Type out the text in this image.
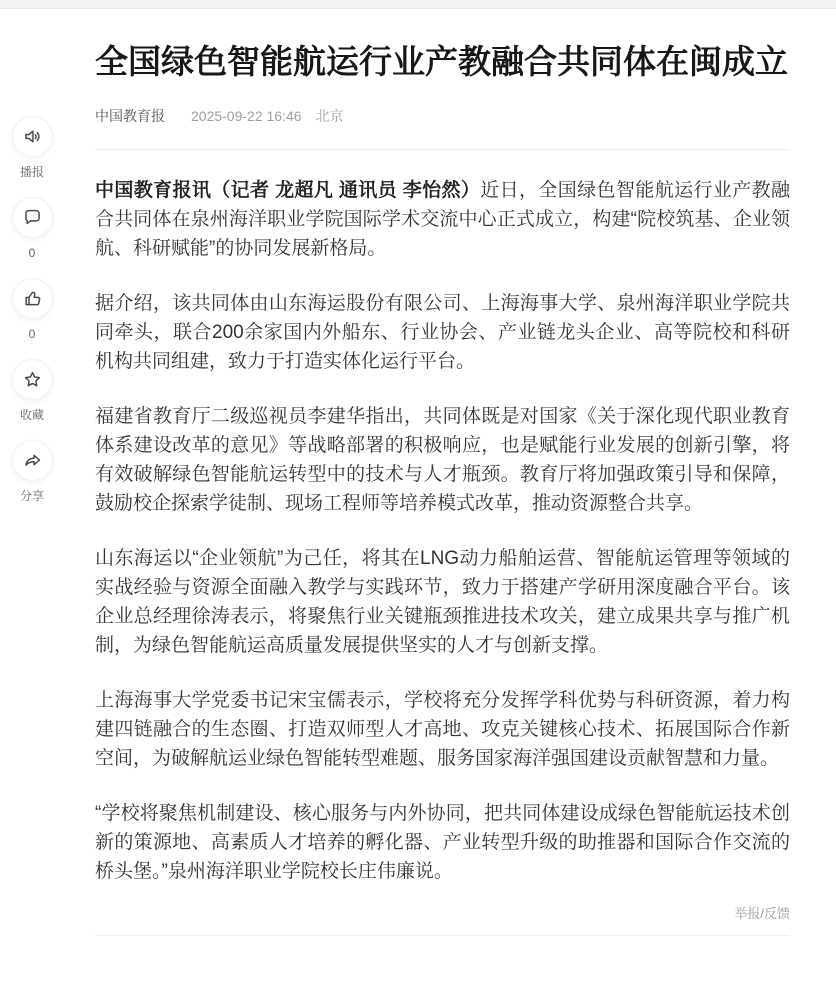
播报
0
0
收藏
分享
全国绿色智能航运行业产教融合共同体在闽成立
中国教育报 2025-09-22 16:46 北京

中国教育报讯（记者 龙超凡 通讯员 李怡然）近日，全国绿色智能航运行业产教融合共同体在泉州海洋职业学院国际学术交流中心正式成立，构建“院校筑基、企业领航、科研赋能”的协同发展新格局。

据介绍，该共同体由山东海运股份有限公司、上海海事大学、泉州海洋职业学院共同牵头，联合200余家国内外船东、行业协会、产业链龙头企业、高等院校和科研机构共同组建，致力于打造实体化运行平台。

福建省教育厅二级巡视员李建华指出，共同体既是对国家《关于深化现代职业教育体系建设改革的意见》等战略部署的积极响应，也是赋能行业发展的创新引擎，将有效破解绿色智能航运转型中的技术与人才瓶颈。教育厅将加强政策引导和保障，鼓励校企探索学徒制、现场工程师等培养模式改革，推动资源整合共享。

山东海运以“企业领航”为己任，将其在LNG动力船舶运营、智能航运管理等领域的实战经验与资源全面融入教学与实践环节，致力于搭建产学研用深度融合平台。该企业总经理徐涛表示，将聚焦行业关键瓶颈推进技术攻关，建立成果共享与推广机制，为绿色智能航运高质量发展提供坚实的人才与创新支撑。

上海海事大学党委书记宋宝儒表示，学校将充分发挥学科优势与科研资源，着力构建四链融合的生态圈、打造双师型人才高地、攻克关键核心技术、拓展国际合作新空间，为破解航运业绿色智能转型难题、服务国家海洋强国建设贡献智慧和力量。

“学校将聚焦机制建设、核心服务与内外协同，把共同体建设成绿色智能航运技术创新的策源地、高素质人才培养的孵化器、产业转型升级的助推器和国际合作交流的桥头堡。”泉州海洋职业学院校长庄伟廉说。

举报/反馈
